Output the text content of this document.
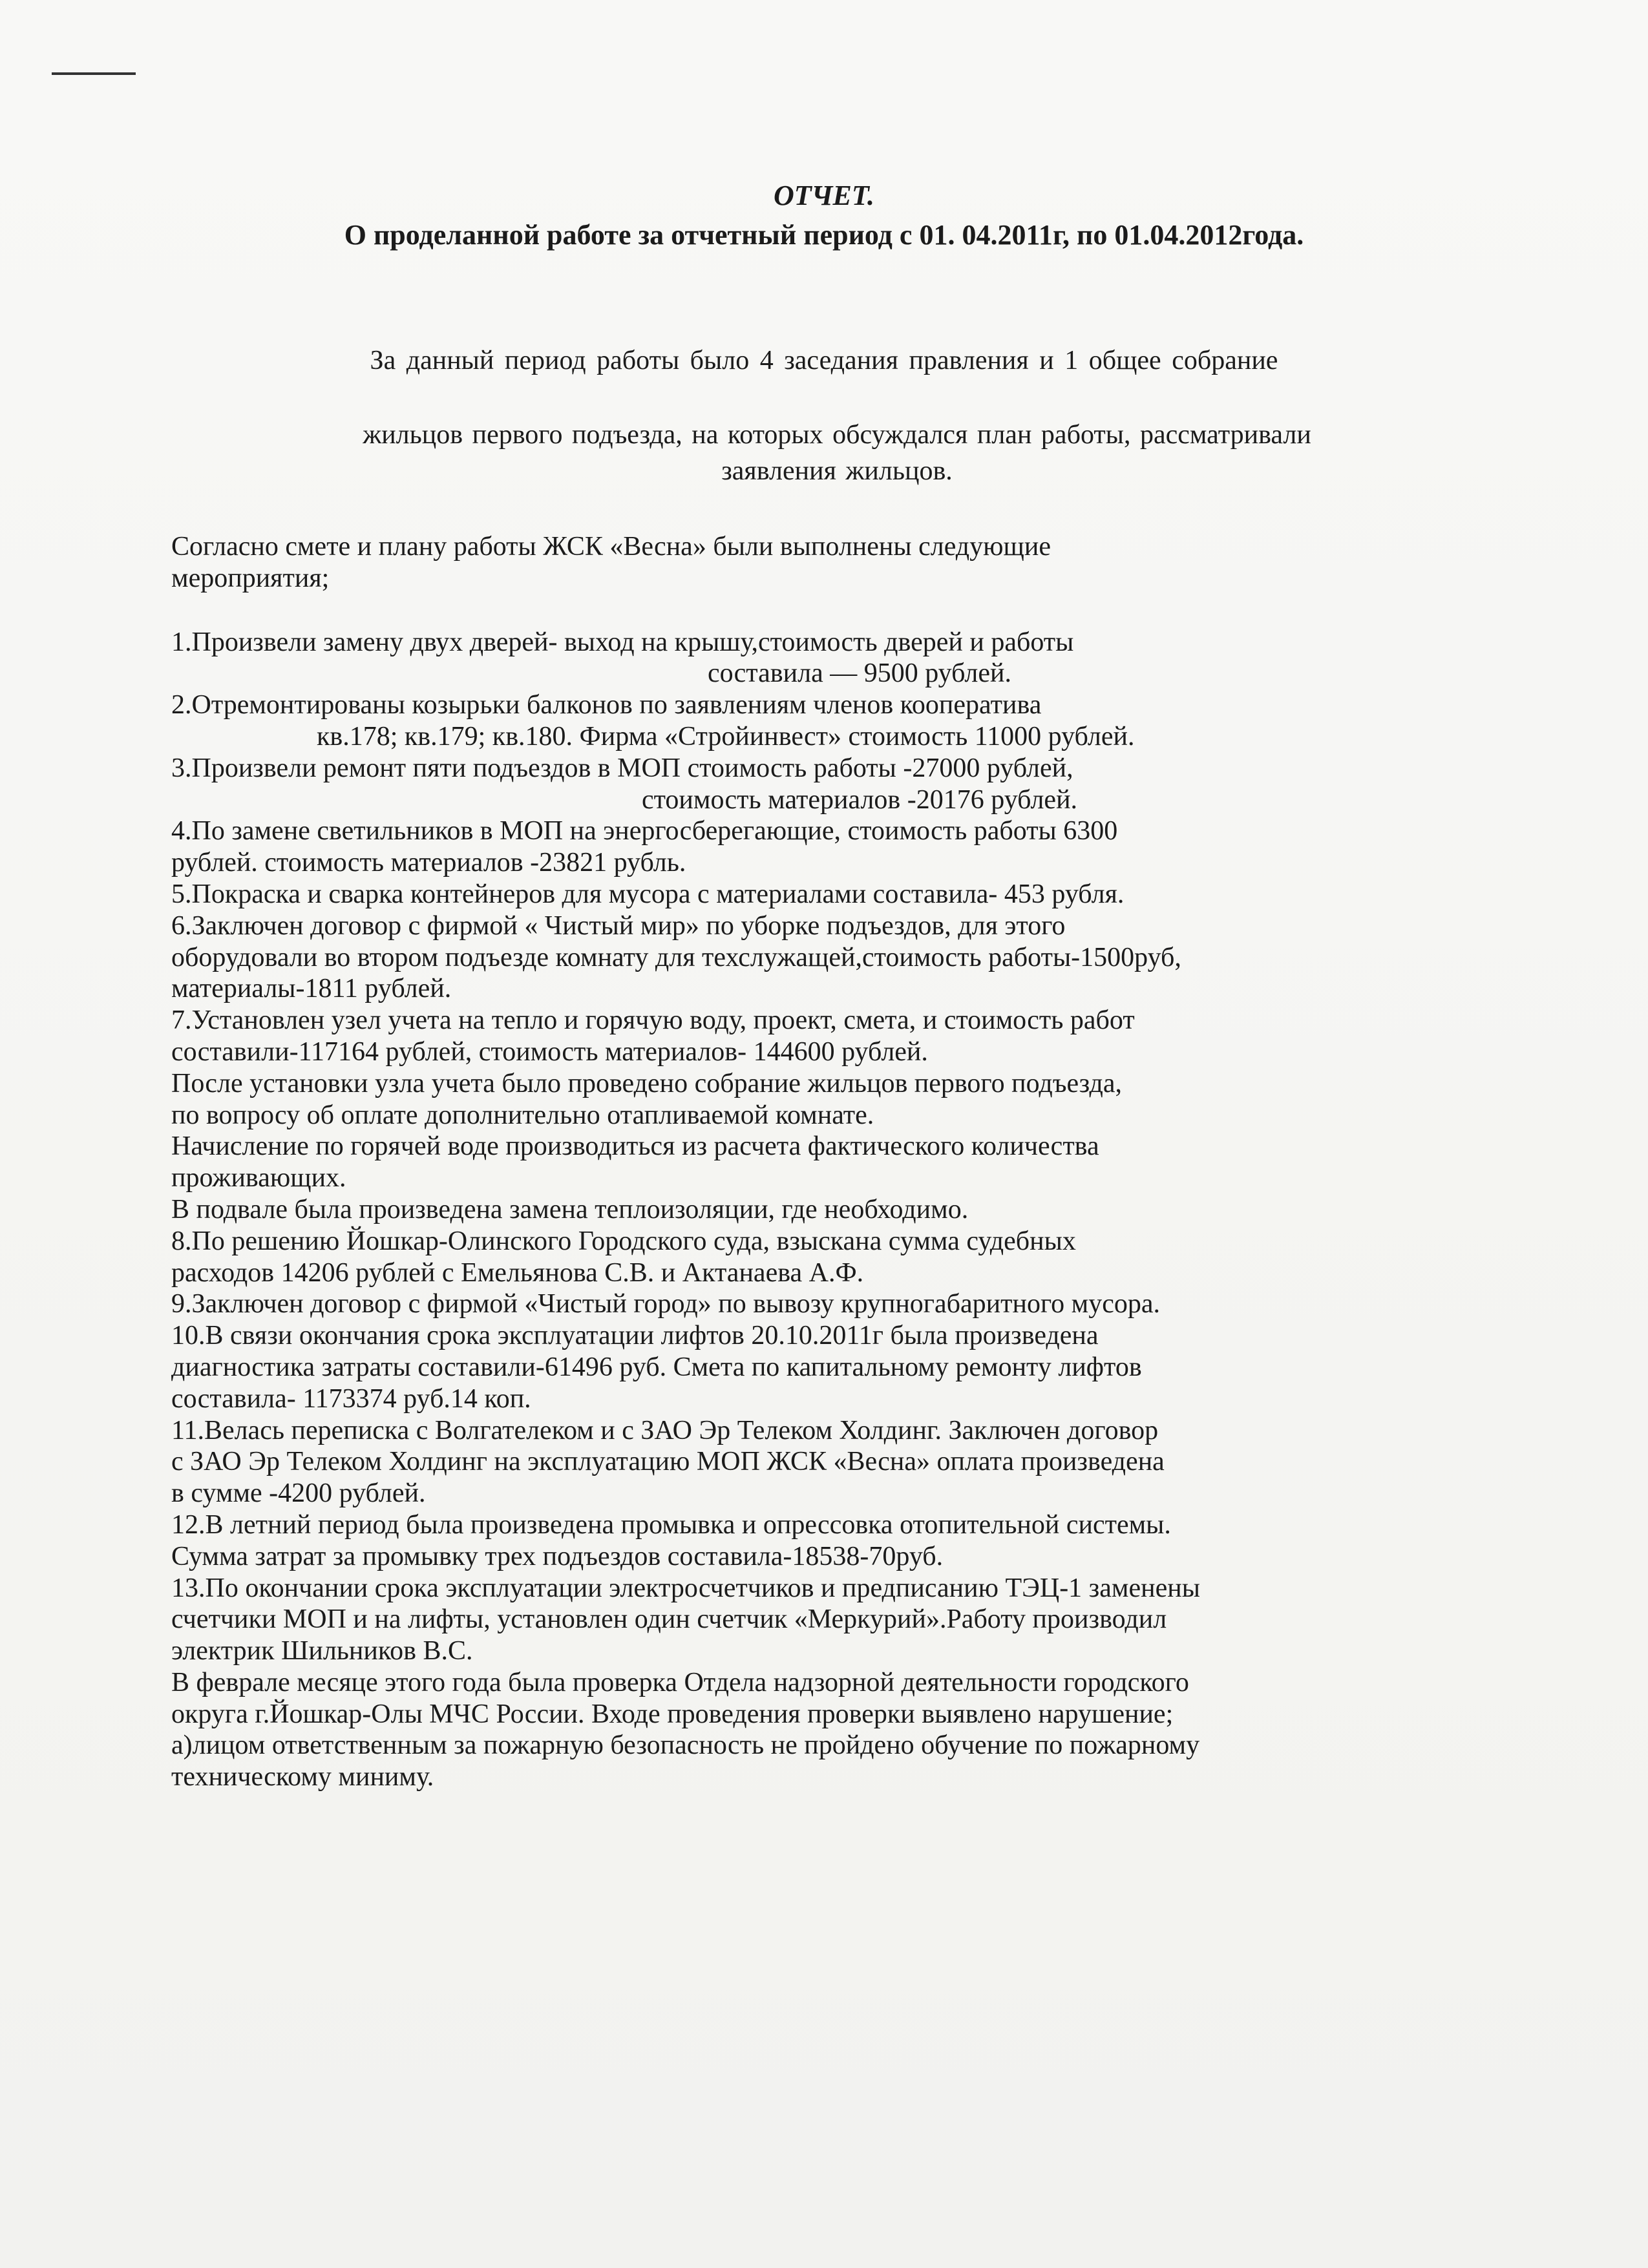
ОТЧЕТ.
О проделанной работе за отчетный период с 01. 04.2011г, по 01.04.2012года.
За данный период работы было 4 заседания правления и 1 общее собрание
жильцов первого подъезда, на которых обсуждался план работы, рассматривали
заявления жильцов.
Согласно смете и плану работы ЖСК «Весна» были выполнены следующие
мероприятия;
1.Произвели замену двух дверей- выход на крышу,стоимость дверей и работы
составила — 9500 рублей.
2.Отремонтированы козырьки балконов по заявлениям членов кооператива
кв.178; кв.179; кв.180. Фирма «Стройинвест» стоимость 11000 рублей.
3.Произвели ремонт пяти подъездов в МОП стоимость работы -27000 рублей,
стоимость материалов -20176 рублей.
4.По замене светильников в МОП на энергосберегающие, стоимость работы 6300
рублей. стоимость материалов -23821 рубль.
5.Покраска и сварка контейнеров для мусора с материалами составила- 453 рубля.
6.Заключен договор с фирмой « Чистый мир» по уборке подъездов, для этого
оборудовали во втором подъезде комнату для техслужащей,стоимость работы-1500руб,
материалы-1811 рублей.
7.Установлен узел учета на тепло и горячую воду, проект, смета, и стоимость работ
составили-117164 рублей, стоимость материалов- 144600 рублей.
После установки узла учета было проведено собрание жильцов первого подъезда,
по вопросу об оплате дополнительно отапливаемой комнате.
Начисление по горячей воде производиться из расчета фактического количества
проживающих.
В подвале была произведена замена теплоизоляции, где необходимо.
8.По решению Йошкар-Олинского Городского суда, взыскана сумма судебных
расходов 14206 рублей с Емельянова С.В. и Актанаева А.Ф.
9.Заключен договор с фирмой «Чистый город» по вывозу крупногабаритного мусора.
10.В связи окончания срока эксплуатации лифтов 20.10.2011г была произведена
диагностика затраты составили-61496 руб. Смета по капитальному ремонту лифтов
составила- 1173374 руб.14 коп.
11.Велась переписка с Волгателеком и с ЗАО Эр Телеком Холдинг. Заключен договор
с ЗАО Эр Телеком Холдинг на эксплуатацию МОП ЖСК «Весна» оплата произведена
в сумме -4200 рублей.
12.В летний период была произведена промывка и опрессовка отопительной системы.
Сумма затрат за промывку трех подъездов составила-18538-70руб.
13.По окончании срока эксплуатации электросчетчиков и предписанию ТЭЦ-1 заменены
счетчики МОП и на лифты, установлен один счетчик «Меркурий».Работу производил
электрик Шильников В.С.
В феврале месяце этого года была проверка Отдела надзорной деятельности городского
округа г.Йошкар-Олы МЧС России. Входе проведения проверки выявлено нарушение;
а)лицом ответственным за пожарную безопасность не пройдено обучение по пожарному
техническому миниму.
